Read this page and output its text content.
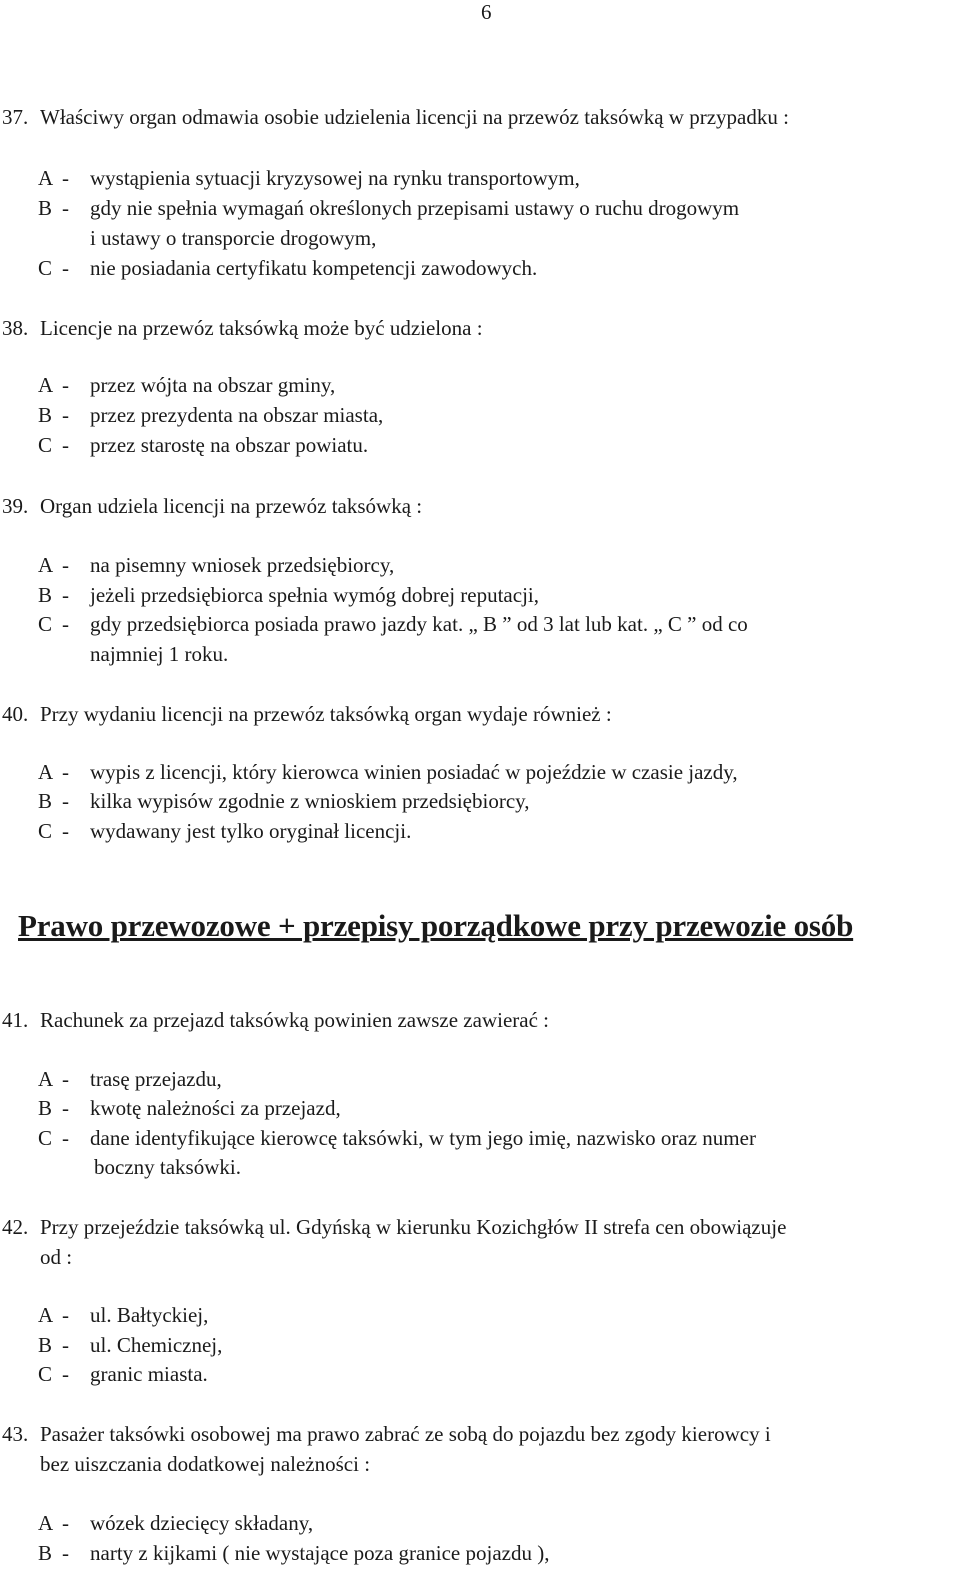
6
37. Właściwy organ odmawia osobie udzielenia licencji na przewóz taksówką w przypadku :
A - wystąpienia sytuacji kryzysowej na rynku transportowym,
B - gdy nie spełnia wymagań określonych przepisami ustawy o ruchu drogowym
i ustawy o transporcie drogowym,
C - nie posiadania certyfikatu kompetencji zawodowych.
38. Licencje na przewóz taksówką może być udzielona :
A - przez wójta na obszar gminy,
B - przez prezydenta na obszar miasta,
C - przez starostę na obszar powiatu.
39. Organ udziela licencji na przewóz taksówką :
A - na pisemny wniosek przedsiębiorcy,
B - jeżeli przedsiębiorca spełnia wymóg dobrej reputacji,
C - gdy przedsiębiorca posiada prawo jazdy kat. „ B ” od 3 lat lub kat. „ C ” od co
najmniej 1 roku.
40. Przy wydaniu licencji na przewóz taksówką organ wydaje również :
A - wypis z licencji, który kierowca winien posiadać w pojeździe w czasie jazdy,
B - kilka wypisów zgodnie z wnioskiem przedsiębiorcy,
C - wydawany jest tylko oryginał licencji.
Prawo przewozowe + przepisy porządkowe przy przewozie osób
41. Rachunek za przejazd taksówką powinien zawsze zawierać :
A - trasę przejazdu,
B - kwotę należności za przejazd,
C - dane identyfikujące kierowcę taksówki, w tym jego imię, nazwisko oraz numer
boczny taksówki.
42. Przy przejeździe taksówką ul. Gdyńską w kierunku Kozichgłów II strefa cen obowiązuje
od :
A - ul. Bałtyckiej,
B - ul. Chemicznej,
C - granic miasta.
43. Pasażer taksówki osobowej ma prawo zabrać ze sobą do pojazdu bez zgody kierowcy i
bez uiszczania dodatkowej należności :
A - wózek dziecięcy składany,
B - narty z kijkami ( nie wystające poza granice pojazdu ),
